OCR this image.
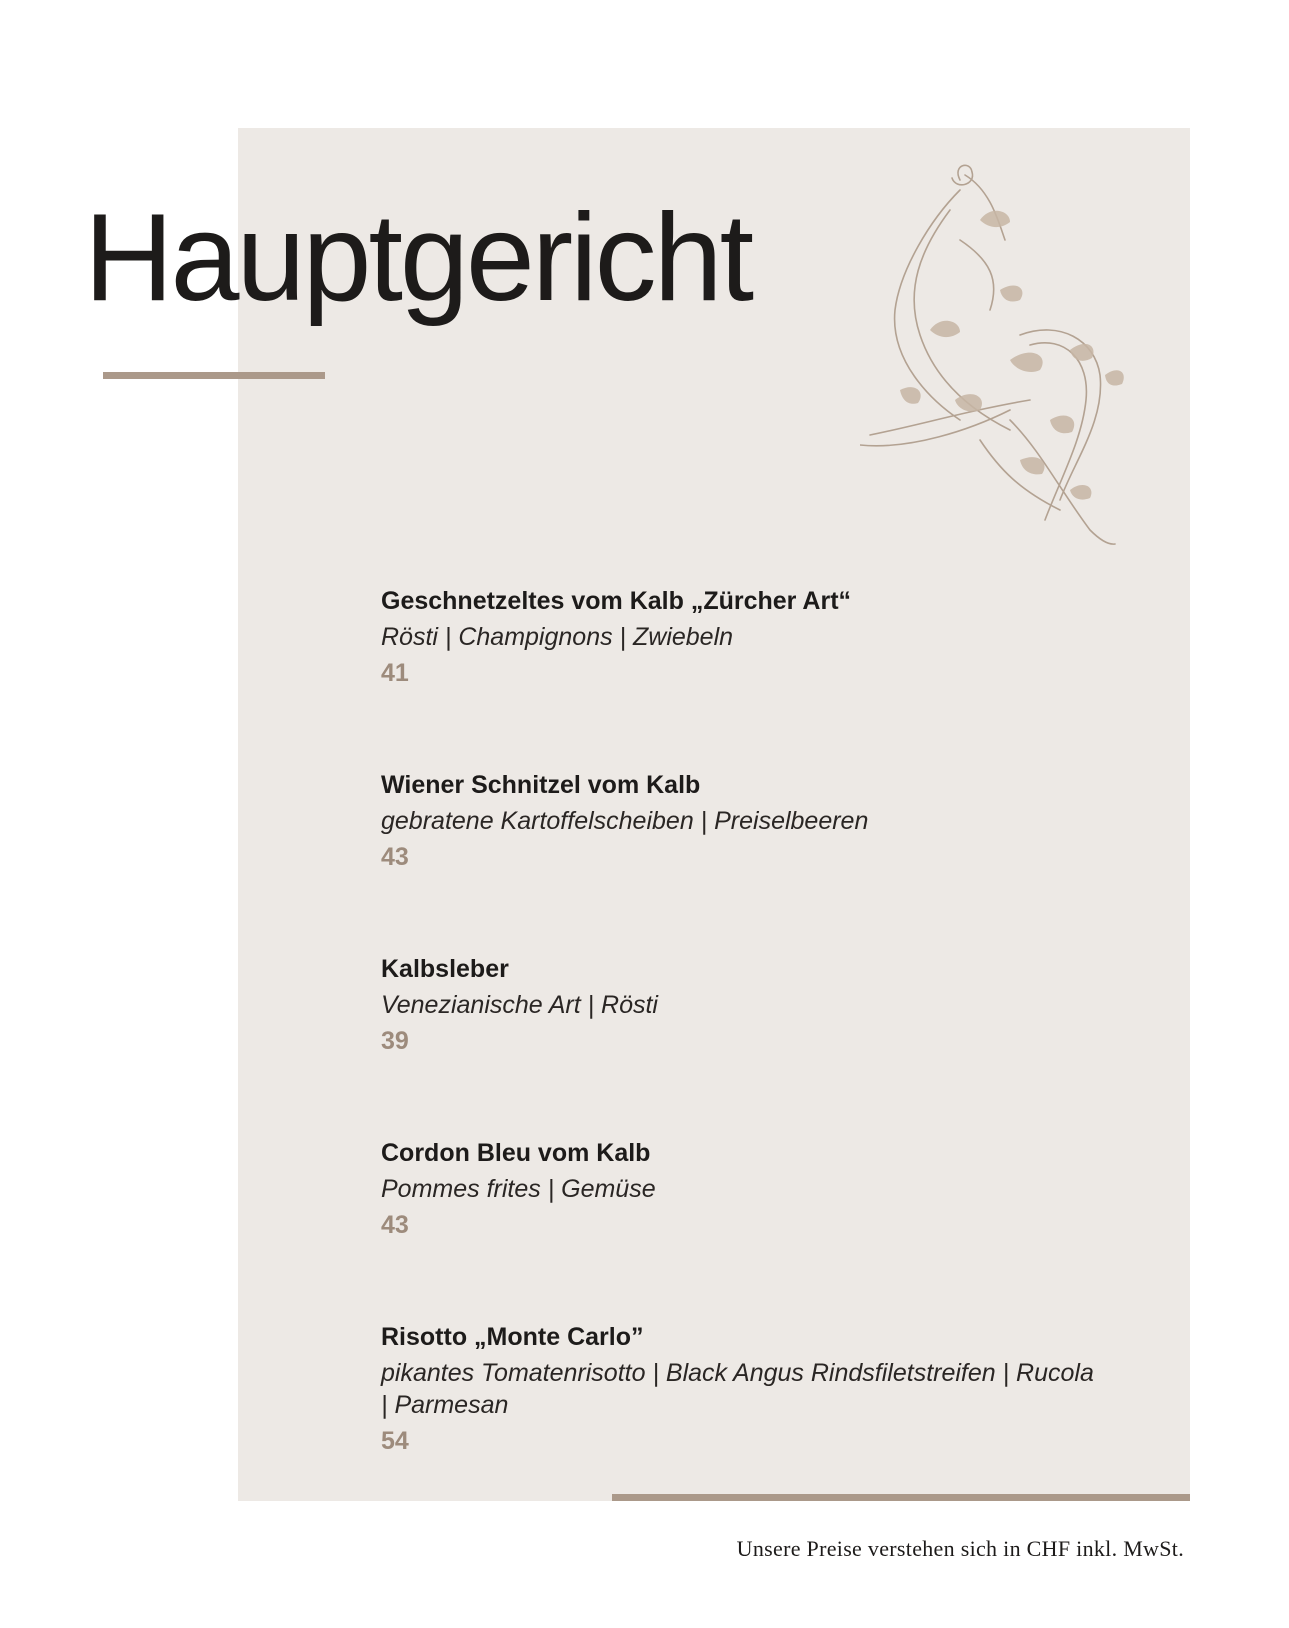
Hauptgericht
Geschnetzeltes vom Kalb „Zürcher Art“
Rösti | Champignons | Zwiebeln
41
Wiener Schnitzel vom Kalb
gebratene Kartoffelscheiben | Preiselbeeren
43
Kalbsleber
Venezianische Art | Rösti
39
Cordon Bleu vom Kalb
Pommes frites | Gemüse
43
Risotto „Monte Carlo”
pikantes Tomatenrisotto | Black Angus Rindsfiletstreifen | Rucola | Parmesan
54
Unsere Preise verstehen sich in CHF inkl. MwSt.
